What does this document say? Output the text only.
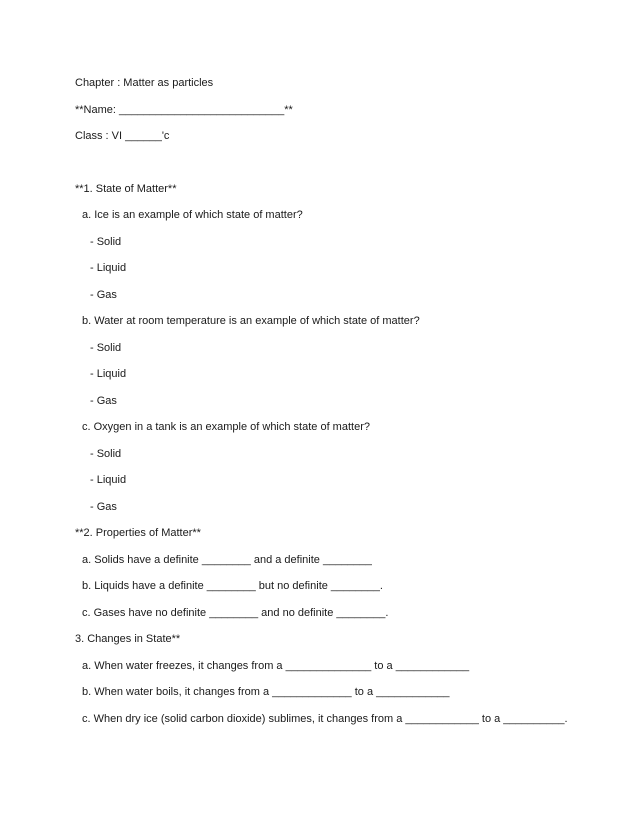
Chapter : Matter as particles
**Name: ___________________________**
Class : VI ______'c
**1. State of Matter**
a. Ice is an example of which state of matter?
- Solid
- Liquid
- Gas
b. Water at room temperature is an example of which state of matter?
- Solid
- Liquid
- Gas
c. Oxygen in a tank is an example of which state of matter?
- Solid
- Liquid
- Gas
**2. Properties of Matter**
a. Solids have a definite ________ and a definite ________
b. Liquids have a definite ________ but no definite ________.
c. Gases have no definite ________ and no definite ________.
3. Changes in State**
a. When water freezes, it changes from a ______________ to a ____________
b. When water boils, it changes from a _____________ to a ____________
c. When dry ice (solid carbon dioxide) sublimes, it changes from a ____________ to a __________.
